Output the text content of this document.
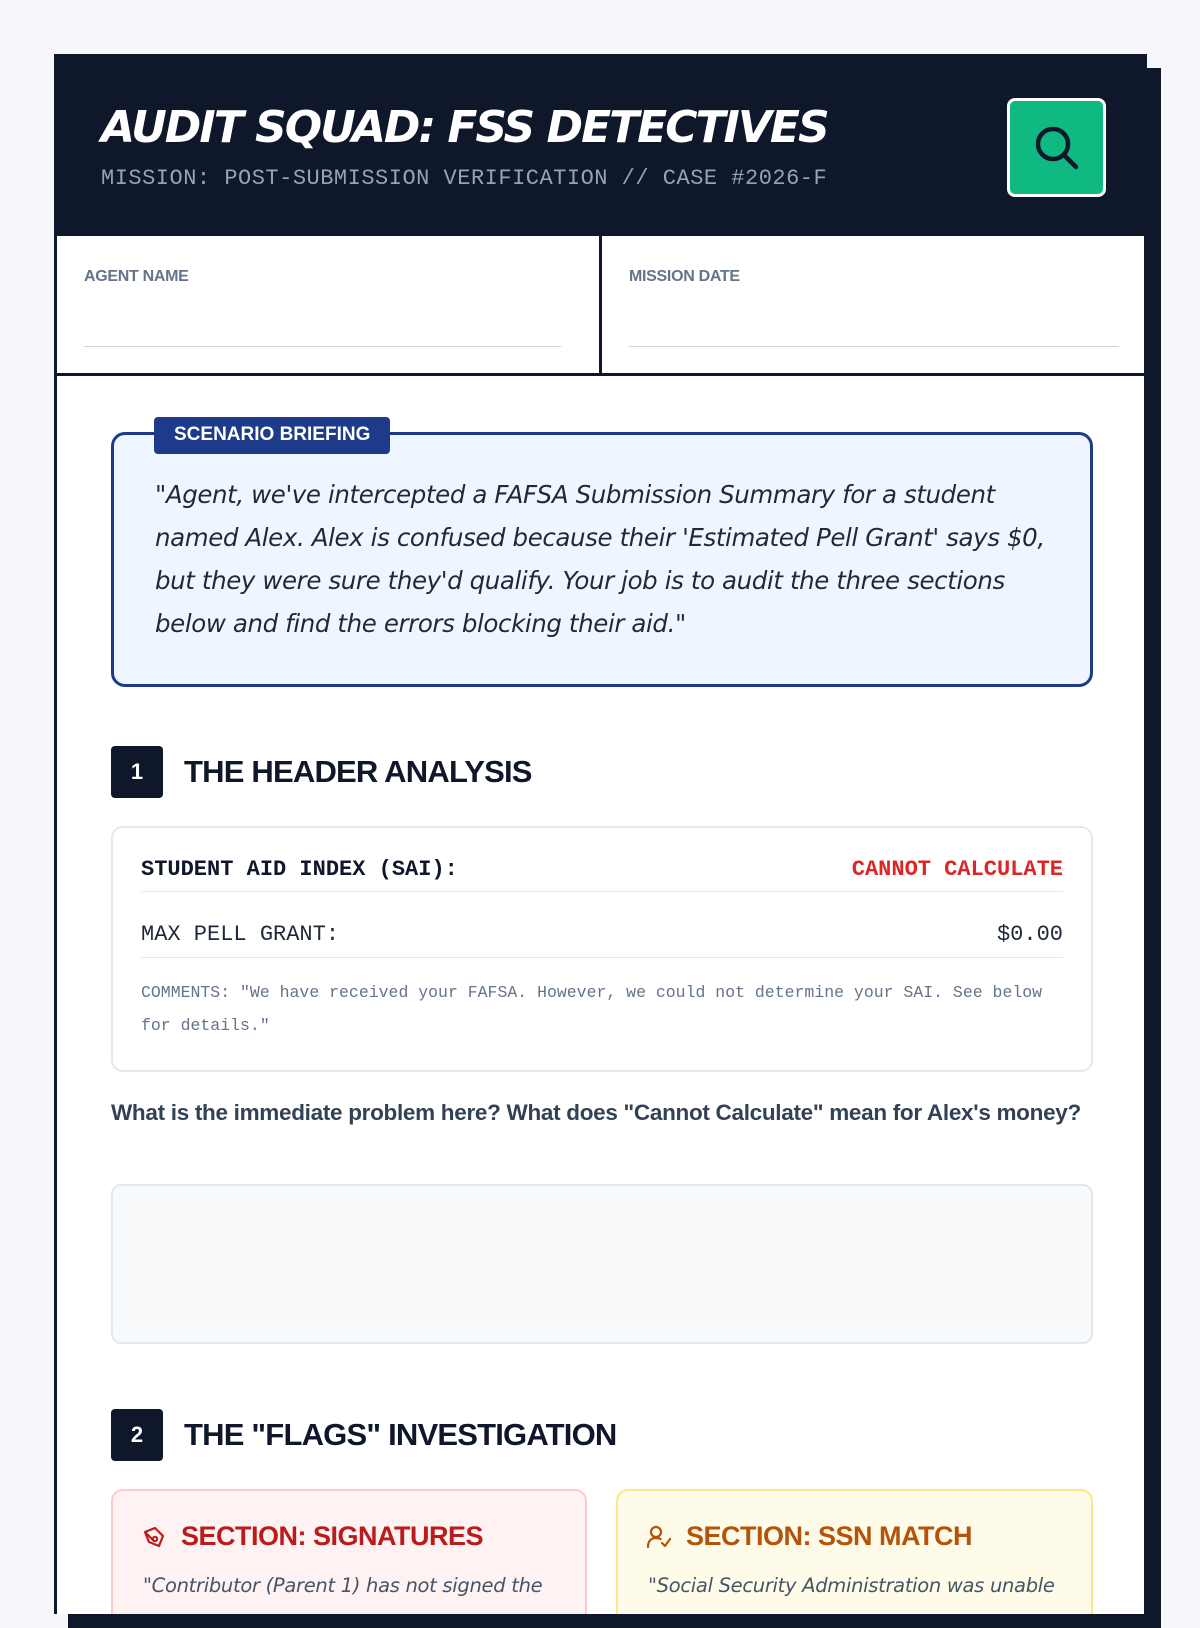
AUDIT SQUAD: FSS DETECTIVES
MISSION: POST-SUBMISSION VERIFICATION // CASE #2026-F
AGENT NAME	MISSION DATE
SCENARIO BRIEFING
"Agent, we've intercepted a FAFSA Submission Summary for a student named Alex. Alex is confused because their 'Estimated Pell Grant' says $0, but they were sure they'd qualify. Your job is to audit the three sections below and find the errors blocking their aid."
1	THE HEADER ANALYSIS
STUDENT AID INDEX (SAI):	CANNOT CALCULATE
MAX PELL GRANT:	$0.00
COMMENTS: "We have received your FAFSA. However, we could not determine your SAI. See below for details."
What is the immediate problem here? What does "Cannot Calculate" mean for Alex's money?
2	THE "FLAGS" INVESTIGATION
SECTION: SIGNATURES
"Contributor (Parent 1) has not signed the
SECTION: SSN MATCH
"Social Security Administration was unable
